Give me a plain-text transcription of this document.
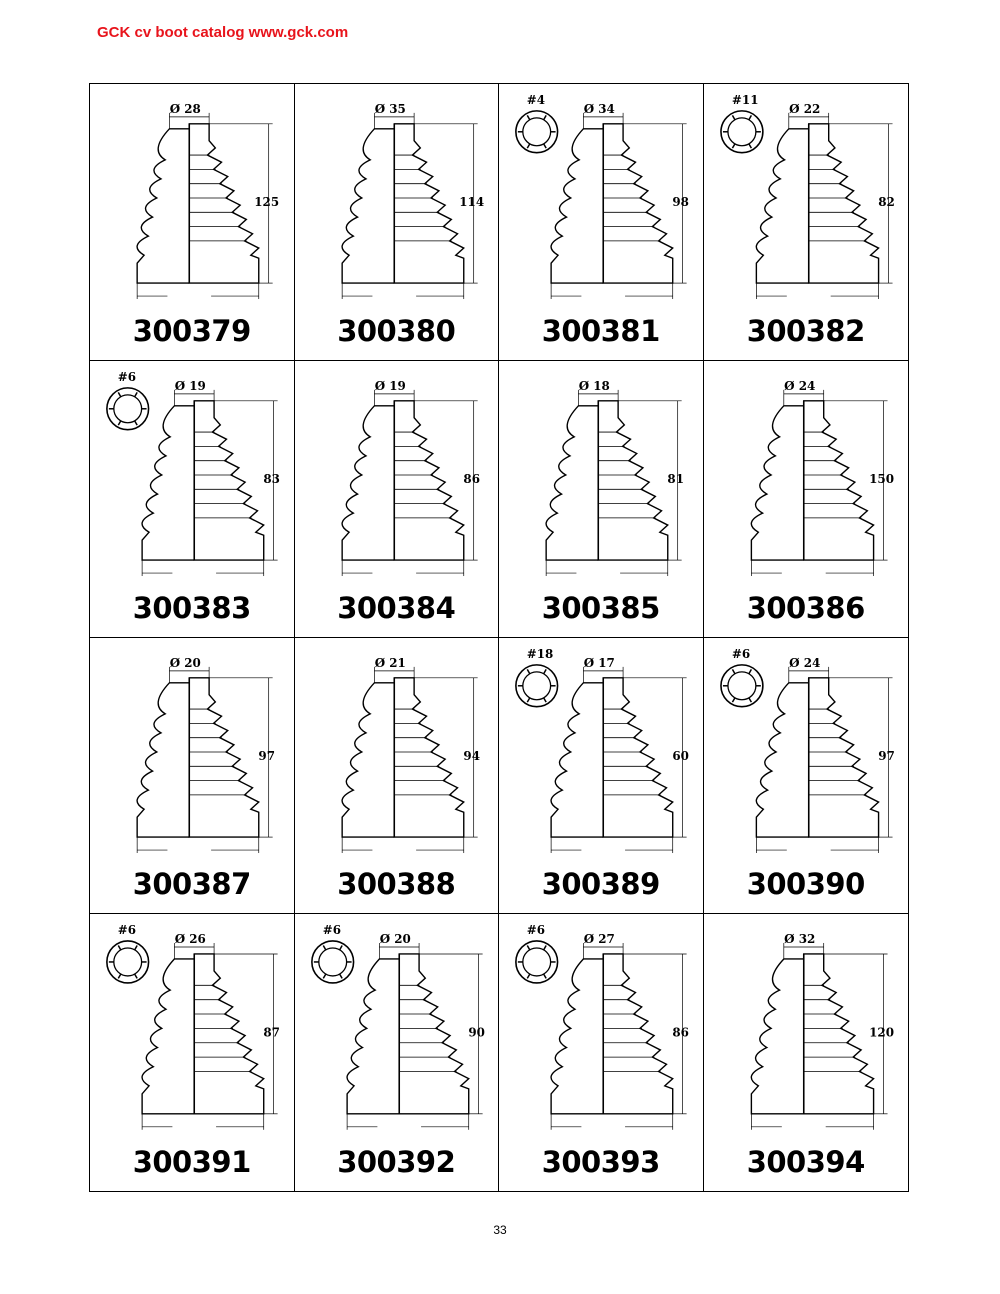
GCK cv boot catalog www.gck.com
Ø 28
125
300379
Ø 35
114
300380
Ø 34
98
#4
300381
Ø 22
82
#11
300382
Ø 19
83
#6
300383
Ø 19
86
300384
Ø 18
81
300385
Ø 24
150
300386
Ø 20
97
300387
Ø 21
94
300388
Ø 17
60
#18
300389
Ø 24
97
#6
300390
Ø 26
87
#6
300391
Ø 20
90
#6
300392
Ø 27
86
#6
300393
Ø 32
120
300394
33
